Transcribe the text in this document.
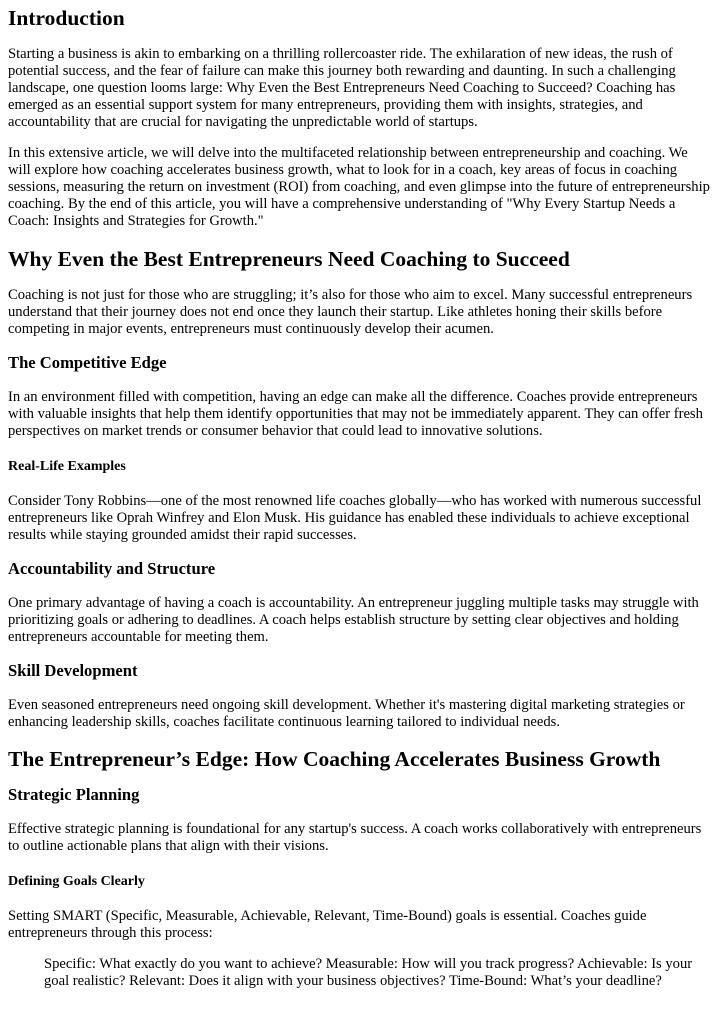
Introduction

Starting a business is akin to embarking on a thrilling rollercoaster ride. The exhilaration of new ideas, the rush of potential success, and the fear of failure can make this journey both rewarding and daunting. In such a challenging landscape, one question looms large: Why Even the Best Entrepreneurs Need Coaching to Succeed? Coaching has emerged as an essential support system for many entrepreneurs, providing them with insights, strategies, and accountability that are crucial for navigating the unpredictable world of startups.

In this extensive article, we will delve into the multifaceted relationship between entrepreneurship and coaching. We will explore how coaching accelerates business growth, what to look for in a coach, key areas of focus in coaching sessions, measuring the return on investment (ROI) from coaching, and even glimpse into the future of entrepreneurship coaching. By the end of this article, you will have a comprehensive understanding of "Why Every Startup Needs a Coach: Insights and Strategies for Growth."

Why Even the Best Entrepreneurs Need Coaching to Succeed

Coaching is not just for those who are struggling; it’s also for those who aim to excel. Many successful entrepreneurs understand that their journey does not end once they launch their startup. Like athletes honing their skills before competing in major events, entrepreneurs must continuously develop their acumen.

The Competitive Edge

In an environment filled with competition, having an edge can make all the difference. Coaches provide entrepreneurs with valuable insights that help them identify opportunities that may not be immediately apparent. They can offer fresh perspectives on market trends or consumer behavior that could lead to innovative solutions.

Real-Life Examples

Consider Tony Robbins—one of the most renowned life coaches globally—who has worked with numerous successful entrepreneurs like Oprah Winfrey and Elon Musk. His guidance has enabled these individuals to achieve exceptional results while staying grounded amidst their rapid successes.

Accountability and Structure

One primary advantage of having a coach is accountability. An entrepreneur juggling multiple tasks may struggle with prioritizing goals or adhering to deadlines. A coach helps establish structure by setting clear objectives and holding entrepreneurs accountable for meeting them.

Skill Development

Even seasoned entrepreneurs need ongoing skill development. Whether it's mastering digital marketing strategies or enhancing leadership skills, coaches facilitate continuous learning tailored to individual needs.

The Entrepreneur’s Edge: How Coaching Accelerates Business Growth
Strategic Planning

Effective strategic planning is foundational for any startup's success. A coach works collaboratively with entrepreneurs to outline actionable plans that align with their visions.

Defining Goals Clearly

Setting SMART (Specific, Measurable, Achievable, Relevant, Time-Bound) goals is essential. Coaches guide entrepreneurs through this process:

Specific: What exactly do you want to achieve? Measurable: How will you track progress? Achievable: Is your goal realistic? Relevant: Does it align with your business objectives? Time-Bound: What’s your deadline?
